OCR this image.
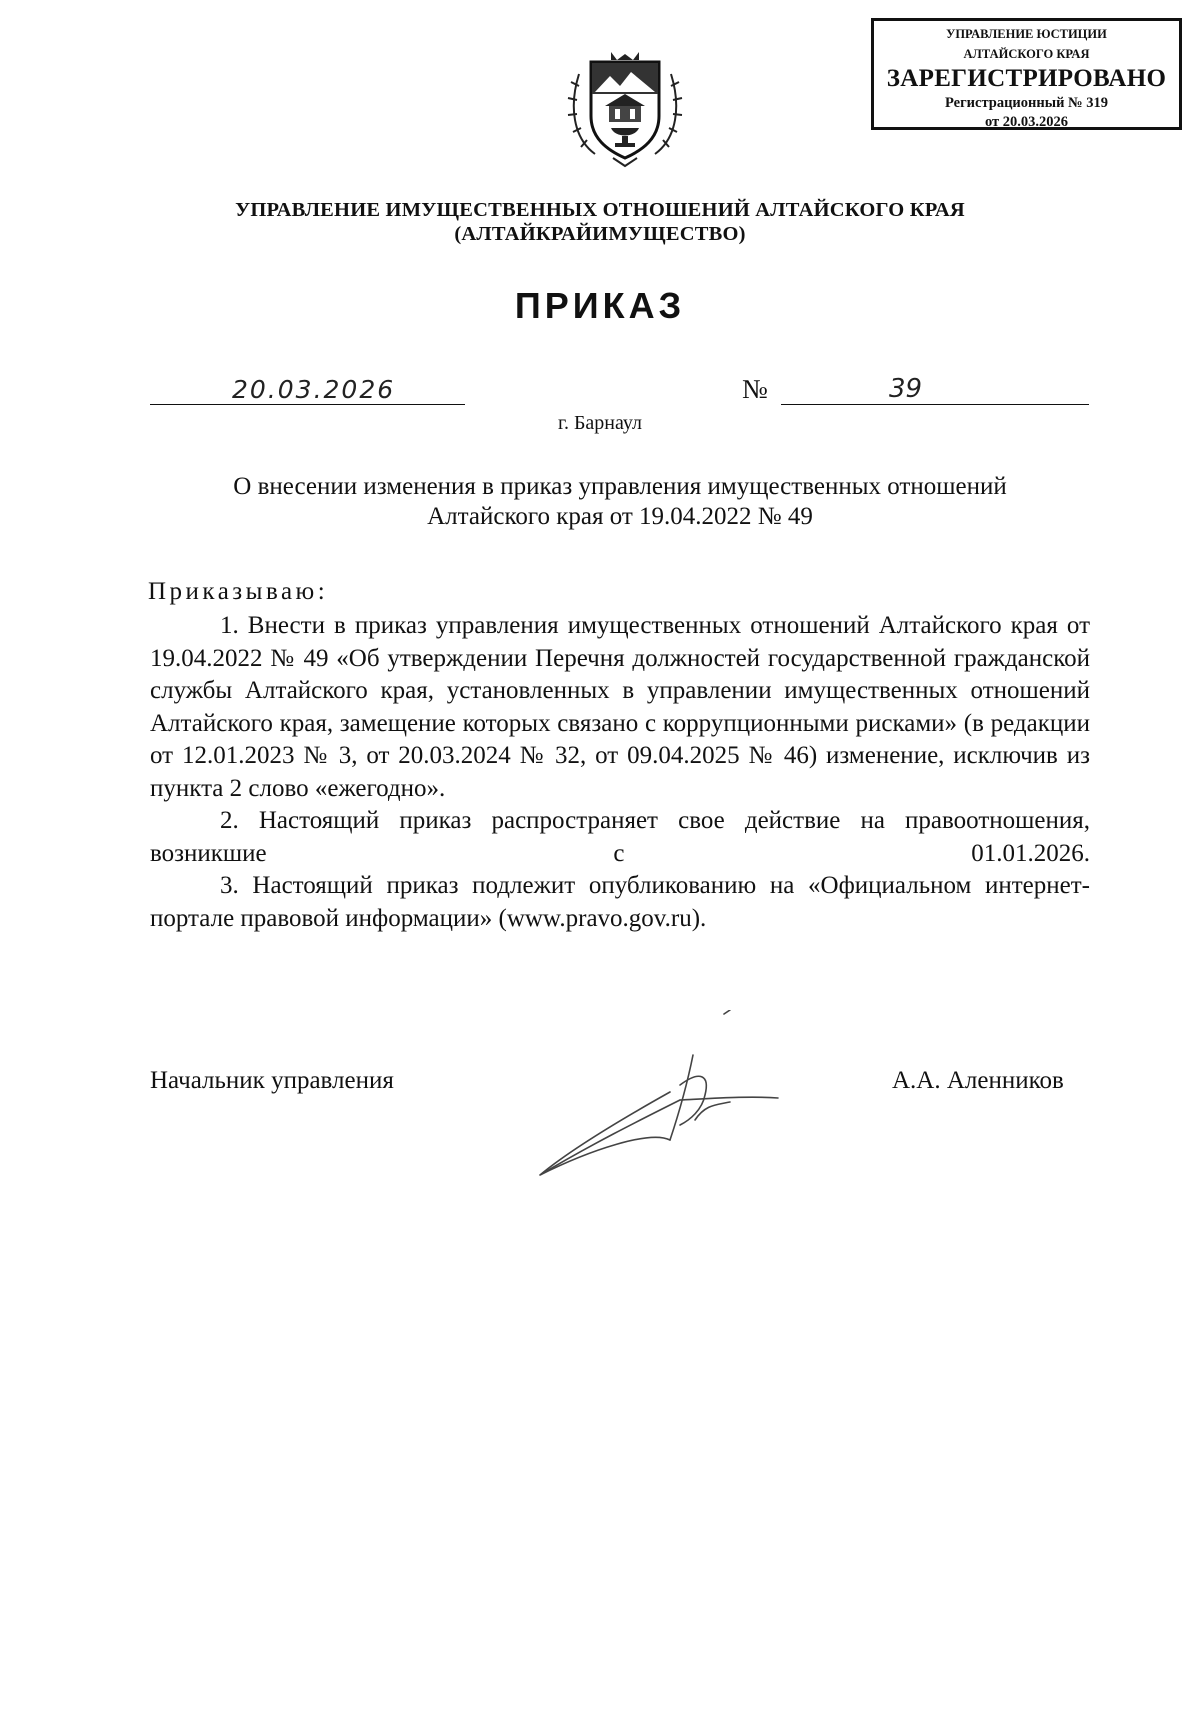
УПРАВЛЕНИЕ ЮСТИЦИИ
АЛТАЙСКОГО КРАЯ
ЗАРЕГИСТРИРОВАНО
Регистрационный № 319
от 20.03.2026
УПРАВЛЕНИЕ ИМУЩЕСТВЕННЫХ ОТНОШЕНИЙ АЛТАЙСКОГО КРАЯ
(АЛТАЙКРАЙИМУЩЕСТВО)
ПРИКАЗ
20.03.2026	№	39
г. Барнаул
О внесении изменения в приказ управления имущественных отношений
Алтайского края от 19.04.2022 № 49
Приказываю:

1. Внести в приказ управления имущественных отношений Алтайского края от 19.04.2022 № 49 «Об утверждении Перечня должностей государственной гражданской службы Алтайского края, установленных в управлении имущественных отношений Алтайского края, замещение которых связано с коррупционными рисками» (в редакции от 12.01.2023 № 3, от 20.03.2024 № 32, от 09.04.2025 № 46) изменение, исключив из пункта 2 слово «ежегодно».

2. Настоящий приказ распространяет свое действие на правоотношения, возникшие с 01.01.2026.

3. Настоящий приказ подлежит опубликованию на «Официальном интернет-портале правовой информации» (www.pravo.gov.ru).

Начальник управления	А.А. Аленников
